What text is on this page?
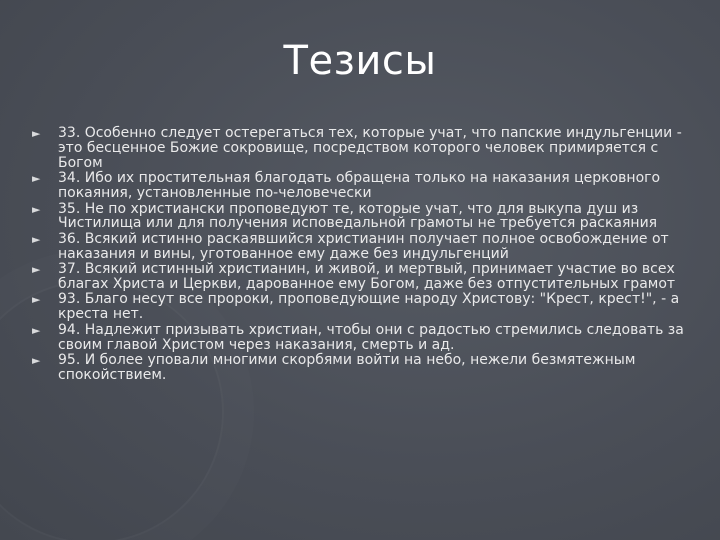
Тезисы
► 33. Особенно следует остерегаться тех, которые учат, что папские индульгенции - это бесценное Божие сокровище, посредством которого человек примиряется с Богом
► 34. Ибо их простительная благодать обращена только на наказания церковного покаяния, установленные по-человечески
► 35. Не по христиански проповедуют те, которые учат, что для выкупа душ из Чистилища или для получения исповедальной грамоты не требуется раскаяния
► 36. Всякий истинно раскаявшийся христианин получает полное освобождение от наказания и вины, уготованное ему даже без индульгенций
► 37. Всякий истинный христианин, и живой, и мертвый, принимает участие во всех благах Христа и Церкви, дарованное ему Богом, даже без отпустительных грамот
► 93. Благо несут все пророки, проповедующие народу Христову: "Крест, крест!", - а креста нет.
► 94. Надлежит призывать христиан, чтобы они с радостью стремились следовать за своим главой Христом через наказания, смерть и ад.
► 95. И более уповали многими скорбями войти на небо, нежели безмятежным спокойствием.
